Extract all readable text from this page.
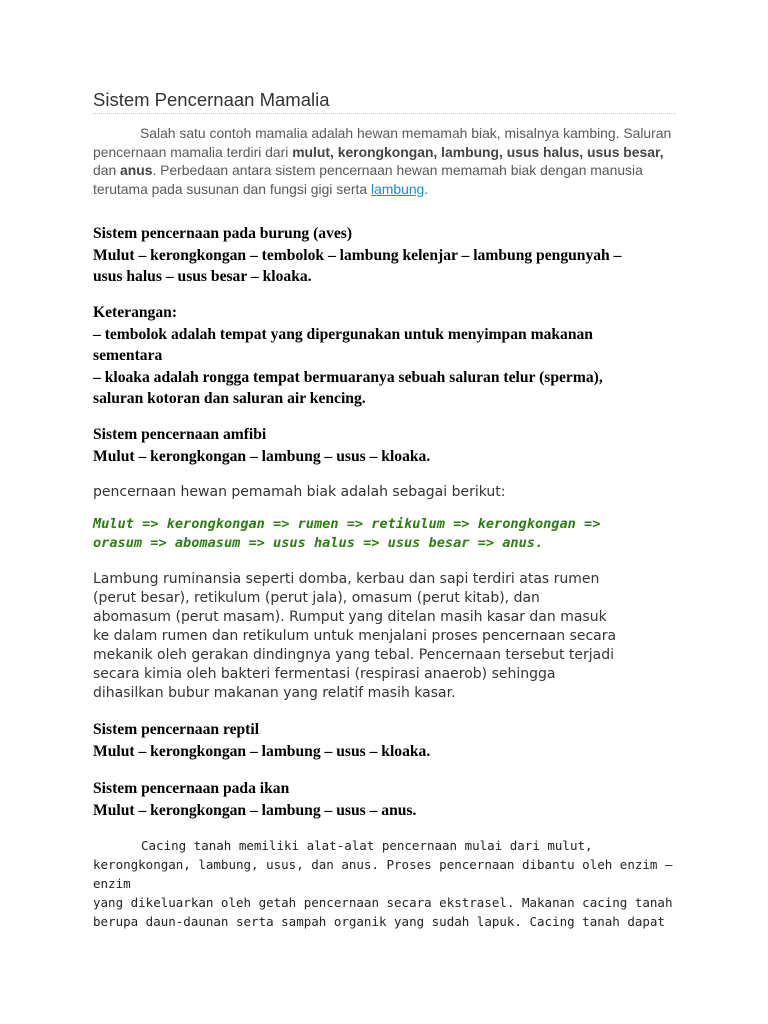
Sistem Pencernaan Mamalia

Salah satu contoh mamalia adalah hewan memamah biak, misalnya kambing. Saluran pencernaan mamalia terdiri dari mulut, kerongkongan, lambung, usus halus, usus besar, dan anus. Perbedaan antara sistem pencernaan hewan memamah biak dengan manusia terutama pada susunan dan fungsi gigi serta lambung.

Sistem pencernaan pada burung (aves)
Mulut – kerongkongan – tembolok – lambung kelenjar – lambung pengunyah –
usus halus – usus besar – kloaka.
Keterangan:
– tembolok adalah tempat yang dipergunakan untuk menyimpan makanan
sementara
– kloaka adalah rongga tempat bermuaranya sebuah saluran telur (sperma),
saluran kotoran dan saluran air kencing.
Sistem pencernaan amfibi
Mulut – kerongkongan – lambung – usus – kloaka.

pencernaan hewan pemamah biak adalah sebagai berikut:

Mulut => kerongkongan => rumen => retikulum => kerongkongan =>
orasum => abomasum => usus halus => usus besar => anus.

Lambung ruminansia seperti domba, kerbau dan sapi terdiri atas rumen
(perut besar), retikulum (perut jala), omasum (perut kitab), dan
abomasum (perut masam). Rumput yang ditelan masih kasar dan masuk
ke dalam rumen dan retikulum untuk menjalani proses pencernaan secara
mekanik oleh gerakan dindingnya yang tebal. Pencernaan tersebut terjadi
secara kimia oleh bakteri fermentasi (respirasi anaerob) sehingga
dihasilkan bubur makanan yang relatif masih kasar.

Sistem pencernaan reptil
Mulut – kerongkongan – lambung – usus – kloaka.
Sistem pencernaan pada ikan
Mulut – kerongkongan – lambung – usus – anus.

Cacing tanah memiliki alat-alat pencernaan mulai dari mulut,
kerongkongan, lambung, usus, dan anus. Proses pencernaan dibantu oleh enzim –
enzim
yang dikeluarkan oleh getah pencernaan secara ekstrasel. Makanan cacing tanah
berupa daun-daunan serta sampah organik yang sudah lapuk. Cacing tanah dapat
